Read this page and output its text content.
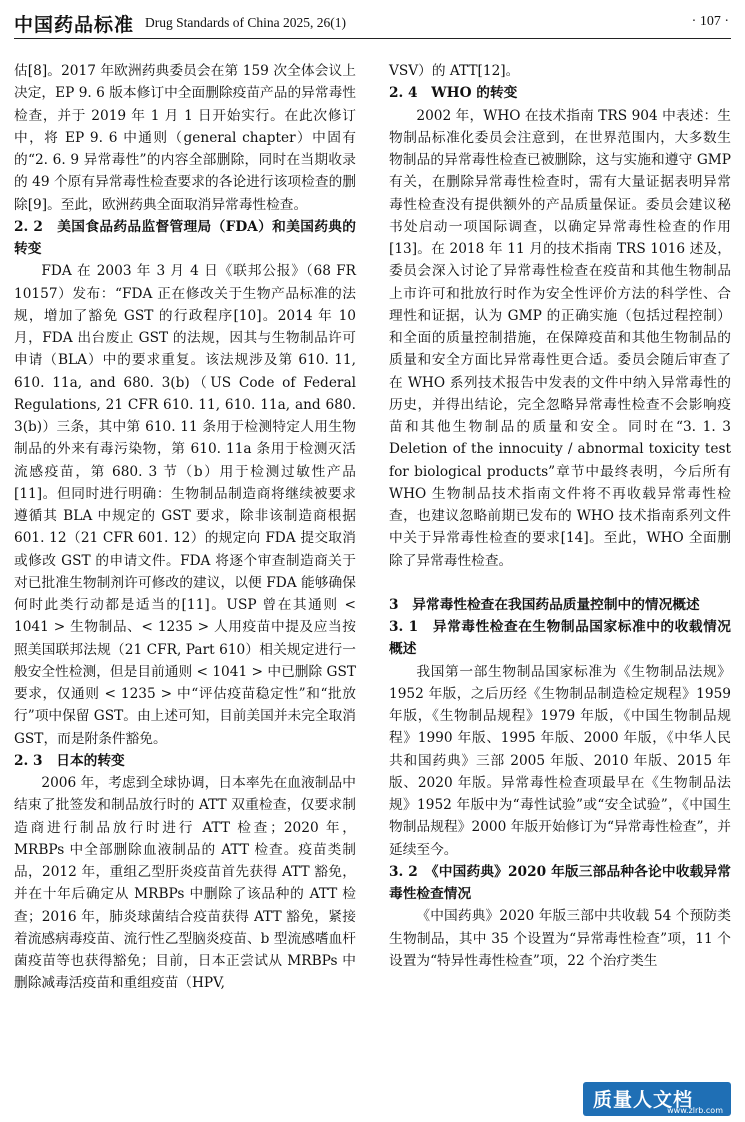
中国药品标准 Drug Standards of China 2025, 26(1)	· 107 ·

估[8]。2017 年欧洲药典委员会在第 159 次全体会议上决定，EP 9. 6 版本修订中全面删除疫苗产品的异常毒性检查，并于 2019 年 1 月 1 日开始实行。在此次修订中，将 EP 9. 6 中通则（general chapter）中固有的“2. 6. 9 异常毒性”的内容全部删除，同时在当期收录的 49 个原有异常毒性检查要求的各论进行该项检查的删除[9]。至此，欧洲药典全面取消异常毒性检查。

2. 2　美国食品药品监督管理局（FDA）和美国药典的转变

FDA 在 2003 年 3 月 4 日《联邦公报》（68 FR 10157）发布：“FDA 正在修改关于生物产品标准的法规，增加了豁免 GST 的行政程序[10]。2014 年 10 月，FDA 出台废止 GST 的法规，因其与生物制品许可申请（BLA）中的要求重复。该法规涉及第 610. 11, 610. 11a, and 680. 3(b)（US Code of Federal Regulations, 21 CFR 610. 11, 610. 11a, and 680. 3(b)）三条，其中第 610. 11 条用于检测特定人用生物制品的外来有毒污染物，第 610. 11a 条用于检测灭活流感疫苗，第 680. 3 节（b）用于检测过敏性产品[11]。但同时进行明确：生物制品制造商将继续被要求遵循其 BLA 中规定的 GST 要求，除非该制造商根据 601. 12（21 CFR 601. 12）的规定向 FDA 提交取消或修改 GST 的申请文件。FDA 将逐个审查制造商关于对已批准生物制剂许可修改的建议，以便 FDA 能够确保何时此类行动都是适当的[11]。USP 曾在其通则 < 1041 > 生物制品、< 1235 > 人用疫苗中提及应当按照美国联邦法规（21 CFR, Part 610）相关规定进行一般安全性检测，但是目前通则 < 1041 > 中已删除 GST 要求，仅通则 < 1235 > 中“评估疫苗稳定性”和“批放行”项中保留 GST。由上述可知，目前美国并未完全取消 GST，而是附条件豁免。

2. 3　日本的转变

2006 年，考虑到全球协调，日本率先在血液制品中结束了批签发和制品放行时的 ATT 双重检查，仅要求制造商进行制品放行时进行 ATT 检查；2020 年，MRBPs 中全部删除血液制品的 ATT 检查。疫苗类制品，2012 年，重组乙型肝炎疫苗首先获得 ATT 豁免，并在十年后确定从 MRBPs 中删除了该品种的 ATT 检查；2016 年，肺炎球菌结合疫苗获得 ATT 豁免，紧接着流感病毒疫苗、流行性乙型脑炎疫苗、b 型流感嗜血杆菌疫苗等也获得豁免；目前，日本正尝试从 MRBPs 中删除减毒活疫苗和重组疫苗（HPV,

VSV）的 ATT[12]。

2. 4　WHO 的转变

2002 年，WHO 在技术指南 TRS 904 中表述：生物制品标准化委员会注意到，在世界范围内，大多数生物制品的异常毒性检查已被删除，这与实施和遵守 GMP 有关，在删除异常毒性检查时，需有大量证据表明异常毒性检查没有提供额外的产品质量保证。委员会建议秘书处启动一项国际调查，以确定异常毒性检查的作用[13]。在 2018 年 11 月的技术指南 TRS 1016 述及，委员会深入讨论了异常毒性检查在疫苗和其他生物制品上市许可和批放行时作为安全性评价方法的科学性、合理性和证据，认为 GMP 的正确实施（包括过程控制）和全面的质量控制措施，在保障疫苗和其他生物制品的质量和安全方面比异常毒性更合适。委员会随后审查了在 WHO 系列技术报告中发表的文件中纳入异常毒性的历史，并得出结论，完全忽略异常毒性检查不会影响疫苗和其他生物制品的质量和安全。同时在“3. 1. 3 Deletion of the innocuity / abnormal toxicity test for biological products”章节中最终表明，今后所有 WHO 生物制品技术指南文件将不再收载异常毒性检查，也建议忽略前期已发布的 WHO 技术指南系列文件中关于异常毒性检查的要求[14]。至此，WHO 全面删除了异常毒性检查。

3　异常毒性检查在我国药品质量控制中的情况概述

3. 1　异常毒性检查在生物制品国家标准中的收载情况概述

我国第一部生物制品国家标准为《生物制品法规》1952 年版，之后历经《生物制品制造检定规程》1959 年版，《生物制品规程》1979 年版，《中国生物制品规程》1990 年版、1995 年版、2000 年版，《中华人民共和国药典》三部 2005 年版、2010 年版、2015 年版、2020 年版。异常毒性检查项最早在《生物制品法规》1952 年版中为“毒性试验”或“安全试验”，《中国生物制品规程》2000 年版开始修订为“异常毒性检查”，并延续至今。

3. 2　《中国药典》2020 年版三部品种各论中收载异常毒性检查情况

《中国药典》2020 年版三部中共收载 54 个预防类生物制品，其中 35 个设置为“异常毒性检查”项，11 个设置为“特异性毒性检查”项，22 个治疗类生

质量人文档
www.zlrb.com
